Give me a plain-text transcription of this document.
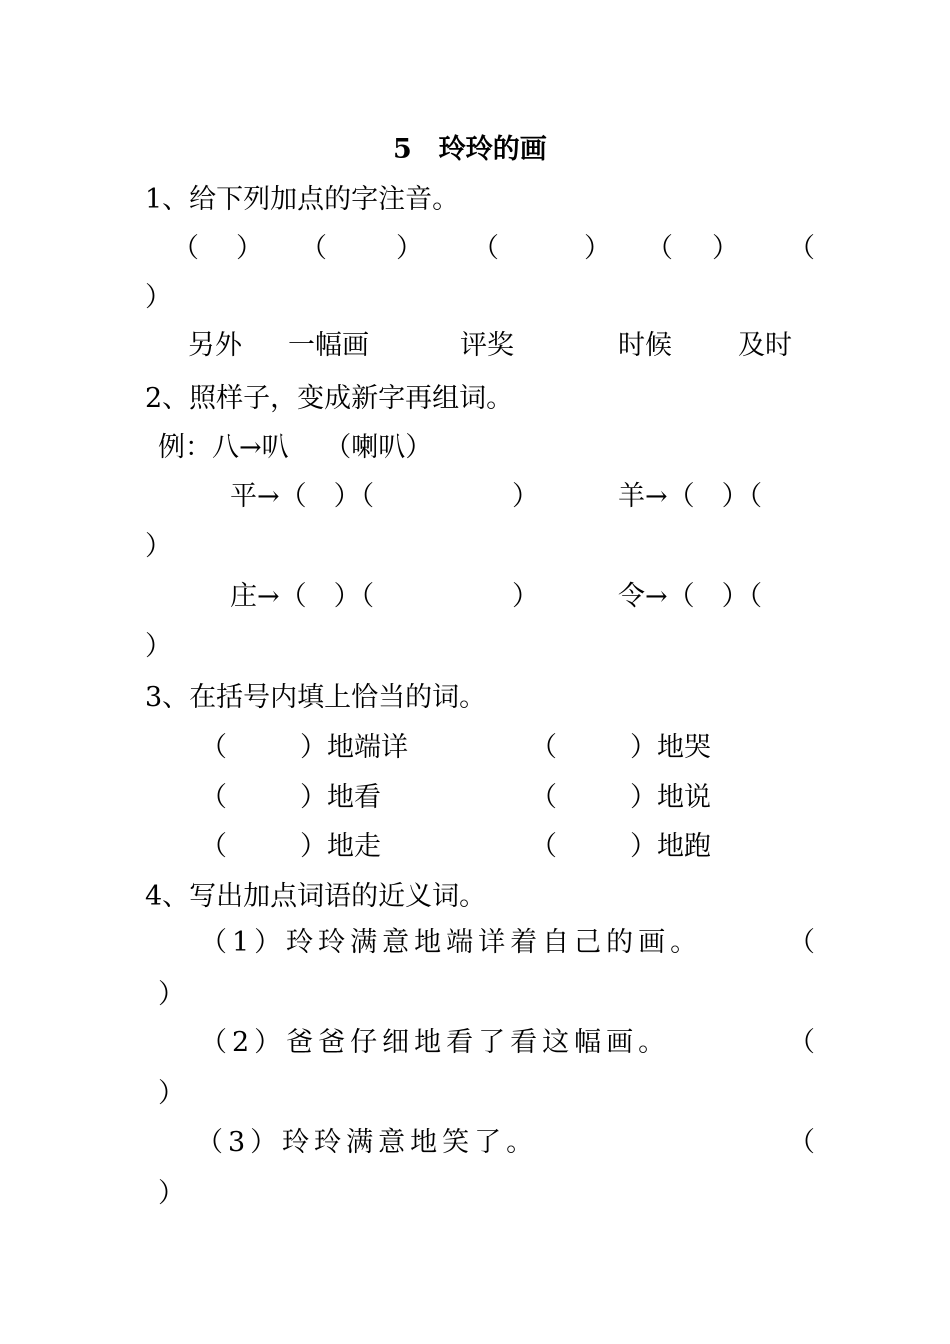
5　玲玲的画
1、给下列加点的字注音。
（ ） （	） （	） （ ） （
）
另外 一幅画	评奖	时候 及时
2、照样子，变成新字再组词。
例：八→叭　 （喇叭）
平→（　）（	）	羊→（　）（
）
庄→（　）（	）	令→（　）（
）
3、在括号内填上恰当的词。
（	）地端详	（	）地哭
（	）地看	（	）地说
（	）地走	（	）地跑
4、写出加点词语的近义词。
（1）玲玲满意地端详着自己的画。	（
）
（2）爸爸仔细地看了看这幅画。	（
）
（3）玲玲满意地笑了。	（
）
